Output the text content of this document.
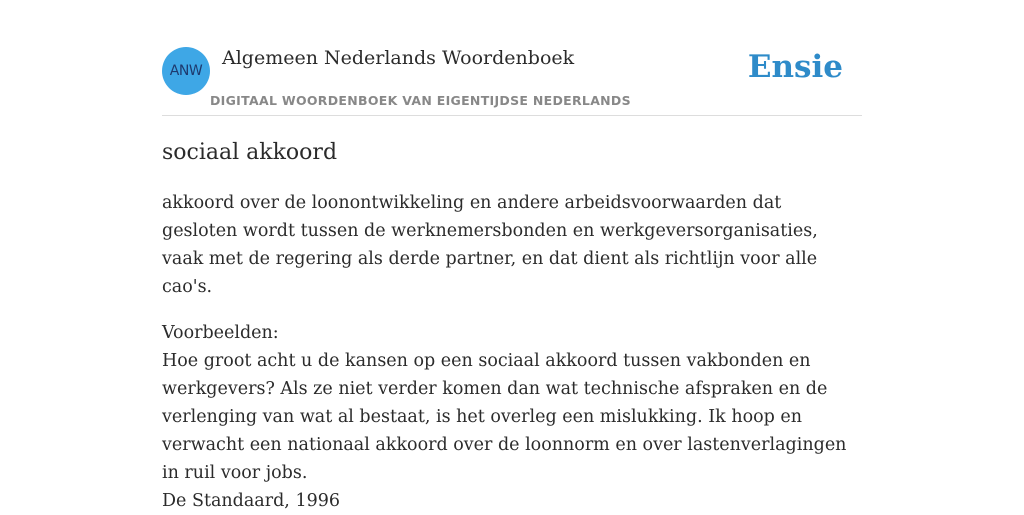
ANW
Algemeen Nederlands Woordenboek
DIGITAAL WOORDENBOEK VAN EIGENTIJDSE NEDERLANDS
Ensie
sociaal akkoord

akkoord over de loonontwikkeling en andere arbeidsvoorwaarden dat gesloten wordt tussen de werknemersbonden en werkgeversorganisaties, vaak met de regering als derde partner, en dat dient als richtlijn voor alle cao's.

Voorbeelden:
Hoe groot acht u de kansen op een sociaal akkoord tussen vakbonden en werkgevers? Als ze niet verder komen dan wat technische afspraken en de verlenging van wat al bestaat, is het overleg een mislukking. Ik hoop en verwacht een nationaal akkoord over de loonnorm en over lastenverlagingen in ruil voor jobs.
De Standaard, 1996
